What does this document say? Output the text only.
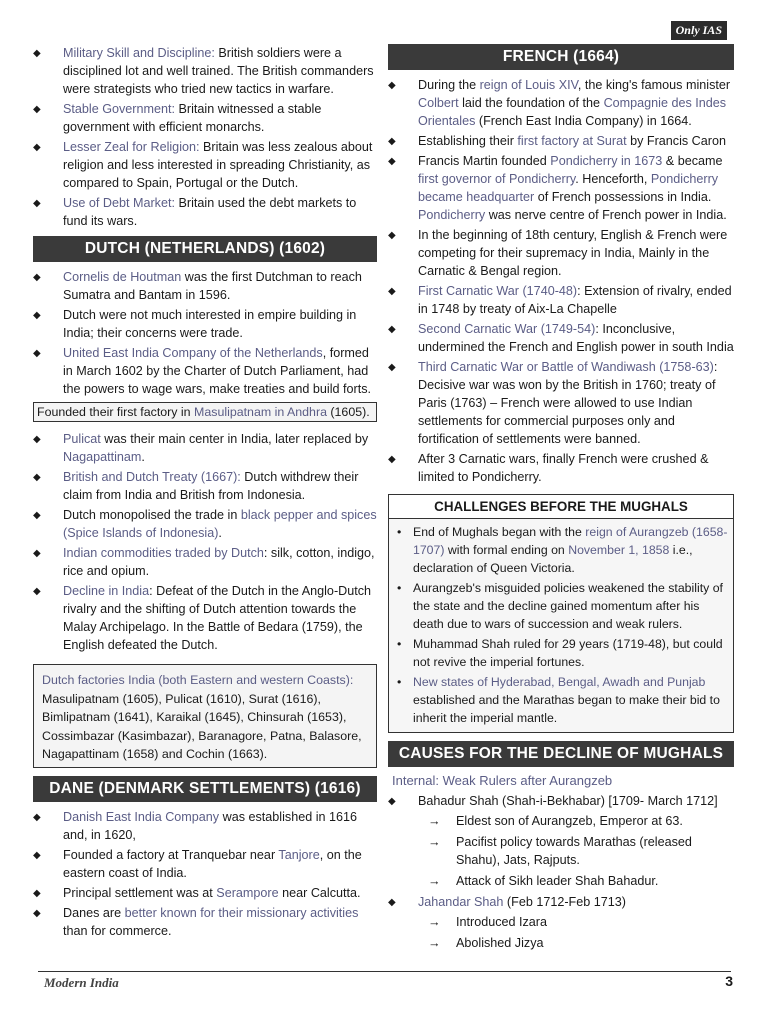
Only IAS
◆ Military Skill and Discipline: British soldiers were a disciplined lot and well trained. The British commanders were strategists who tried new tactics in warfare.
◆ Stable Government: Britain witnessed a stable government with efficient monarchs.
◆ Lesser Zeal for Religion: Britain was less zealous about religion and less interested in spreading Christianity, as compared to Spain, Portugal or the Dutch.
◆ Use of Debt Market: Britain used the debt markets to fund its wars.
DUTCH (NETHERLANDS) (1602)
◆ Cornelis de Houtman was the first Dutchman to reach Sumatra and Bantam in 1596.
◆ Dutch were not much interested in empire building in India; their concerns were trade.
◆ United East India Company of the Netherlands, formed in March 1602 by the Charter of Dutch Parliament, had the powers to wage wars, make treaties and build forts.
Founded their first factory in Masulipatnam in Andhra (1605).
◆ Pulicat was their main center in India, later replaced by Nagapattinam.
◆ British and Dutch Treaty (1667): Dutch withdrew their claim from India and British from Indonesia.
◆ Dutch monopolised the trade in black pepper and spices (Spice Islands of Indonesia).
◆ Indian commodities traded by Dutch: silk, cotton, indigo, rice and opium.
◆ Decline in India: Defeat of the Dutch in the Anglo-Dutch rivalry and the shifting of Dutch attention towards the Malay Archipelago. In the Battle of Bedara (1759), the English defeated the Dutch.
Dutch factories India (both Eastern and western Coasts): Masulipatnam (1605), Pulicat (1610), Surat (1616), Bimlipatnam (1641), Karaikal (1645), Chinsurah (1653), Cossimbazar (Kasimbazar), Baranagore, Patna, Balasore, Nagapattinam (1658) and Cochin (1663).
DANE (DENMARK SETTLEMENTS) (1616)
◆ Danish East India Company was established in 1616 and, in 1620,
◆ Founded a factory at Tranquebar near Tanjore, on the eastern coast of India.
◆ Principal settlement was at Serampore near Calcutta.
◆ Danes are better known for their missionary activities than for commerce.
FRENCH (1664)
◆ During the reign of Louis XIV, the king's famous minister Colbert laid the foundation of the Compagnie des Indes Orientales (French East India Company) in 1664.
◆ Establishing their first factory at Surat by Francis Caron
◆ Francis Martin founded Pondicherry in 1673 & became first governor of Pondicherry. Henceforth, Pondicherry became headquarter of French possessions in India. Pondicherry was nerve centre of French power in India.
◆ In the beginning of 18th century, English & French were competing for their supremacy in India, Mainly in the Carnatic & Bengal region.
◆ First Carnatic War (1740-48): Extension of rivalry, ended in 1748 by treaty of Aix-La Chapelle
◆ Second Carnatic War (1749-54): Inconclusive, undermined the French and English power in south India
◆ Third Carnatic War or Battle of Wandiwash (1758-63): Decisive war was won by the British in 1760; treaty of Paris (1763) – French were allowed to use Indian settlements for commercial purposes only and fortification of settlements were banned.
◆ After 3 Carnatic wars, finally French were crushed & limited to Pondicherry.
CHALLENGES BEFORE THE MUGHALS
• End of Mughals began with the reign of Aurangzeb (1658-1707) with formal ending on November 1, 1858 i.e., declaration of Queen Victoria.
• Aurangzeb's misguided policies weakened the stability of the state and the decline gained momentum after his death due to wars of succession and weak rulers.
• Muhammad Shah ruled for 29 years (1719-48), but could not revive the imperial fortunes.
• New states of Hyderabad, Bengal, Awadh and Punjab established and the Marathas began to make their bid to inherit the imperial mantle.
CAUSES FOR THE DECLINE OF MUGHALS
Internal: Weak Rulers after Aurangzeb
◆ Bahadur Shah (Shah-i-Bekhabar) [1709- March 1712]
→ Eldest son of Aurangzeb, Emperor at 63.
→ Pacifist policy towards Marathas (released Shahu), Jats, Rajputs.
→ Attack of Sikh leader Shah Bahadur.
◆ Jahandar Shah (Feb 1712-Feb 1713)
→ Introduced Izara
→ Abolished Jizya
Modern India	3
